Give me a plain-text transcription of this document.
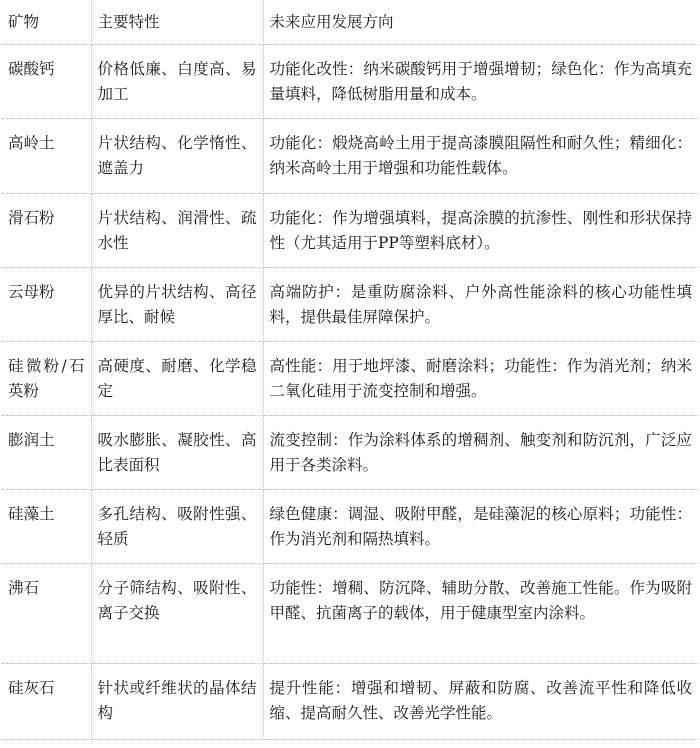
矿物	主要特性	未来应用发展方向
碳酸钙	价格低廉、白度高、易加工	功能化改性：纳米碳酸钙用于增强增韧；绿色化：作为高填充量填料，降低树脂用量和成本。
高岭土	片状结构、化学惰性、遮盖力	功能化：煅烧高岭土用于提高漆膜阻隔性和耐久性；精细化：纳米高岭土用于增强和功能性载体。
滑石粉	片状结构、润滑性、疏水性	功能化：作为增强填料，提高涂膜的抗渗性、刚性和形状保持性（尤其适用于PP等塑料底材）。
云母粉	优异的片状结构、高径厚比、耐候	高端防护：是重防腐涂料、户外高性能涂料的核心功能性填料，提供最佳屏障保护。
硅微粉/石英粉	高硬度、耐磨、化学稳定	高性能：用于地坪漆、耐磨涂料；功能性：作为消光剂；纳米二氧化硅用于流变控制和增强。
膨润土	吸水膨胀、凝胶性、高比表面积	流变控制：作为涂料体系的增稠剂、触变剂和防沉剂，广泛应用于各类涂料。
硅藻土	多孔结构、吸附性强、轻质	绿色健康：调湿、吸附甲醛，是硅藻泥的核心原料；功能性：作为消光剂和隔热填料。
沸石	分子筛结构、吸附性、离子交换	功能性：增稠、防沉降、辅助分散、改善施工性能。作为吸附甲醛、抗菌离子的载体，用于健康型室内涂料。
硅灰石	针状或纤维状的晶体结构	提升性能：增强和增韧、屏蔽和防腐、改善流平性和降低收缩、提高耐久性、改善光学性能。
